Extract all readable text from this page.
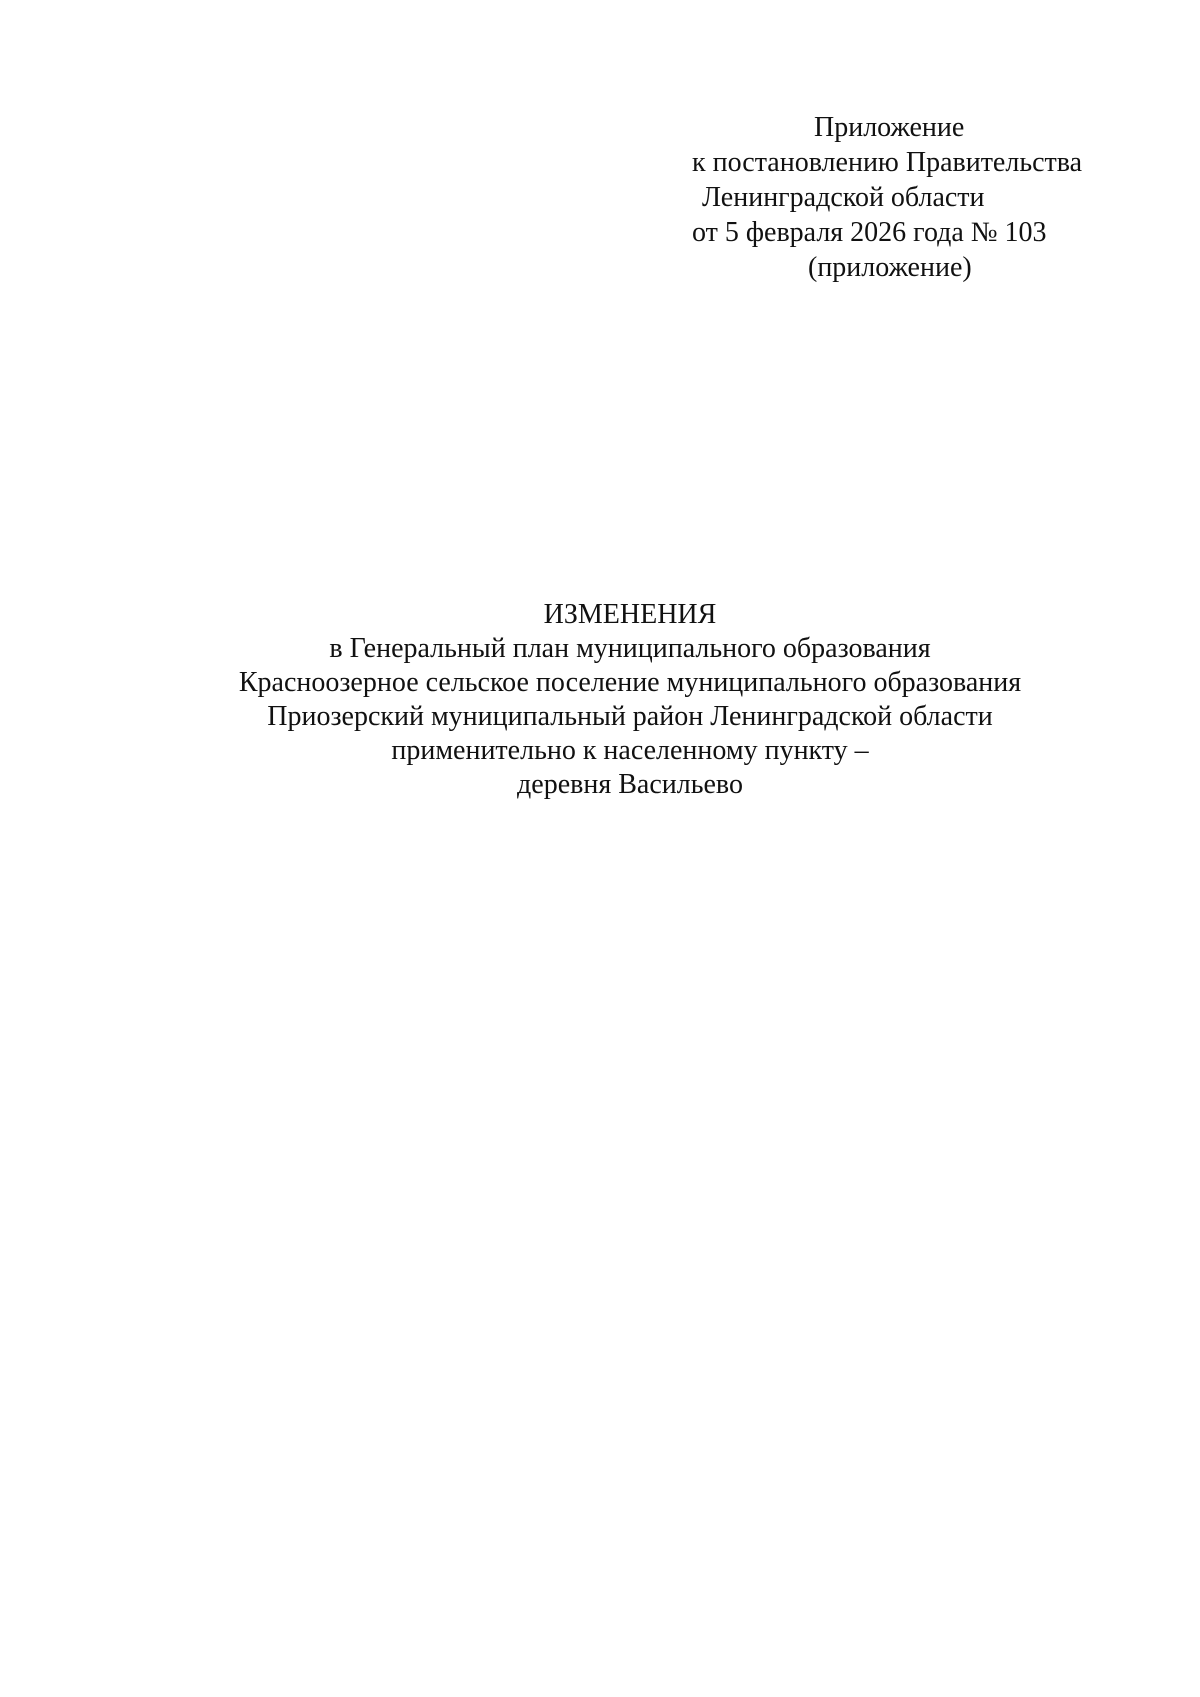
Приложение
к постановлению Правительства
Ленинградской области
от 5 февраля 2026 года № 103
(приложение)
ИЗМЕНЕНИЯ
в Генеральный план муниципального образования
Красноозерное сельское поселение муниципального образования
Приозерский муниципальный район Ленинградской области
применительно к населенному пункту –
деревня Васильево
